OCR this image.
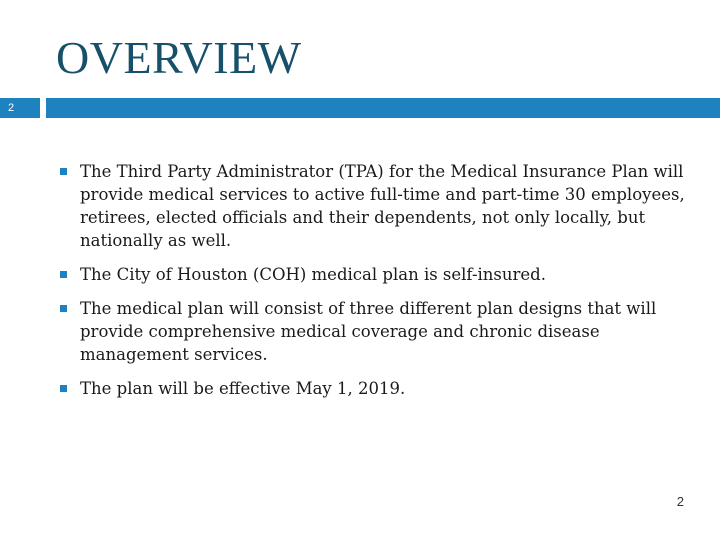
OVERVIEW
2
The Third Party Administrator (TPA) for the Medical Insurance Plan will provide medical services to active full-time and part-time 30 employees, retirees, elected officials and their dependents, not only locally, but nationally as well.
The City of Houston (COH) medical plan is self-insured.
The medical plan will consist of three different plan designs that will provide comprehensive medical coverage and chronic disease management services.
The plan will be effective May 1, 2019.
2
